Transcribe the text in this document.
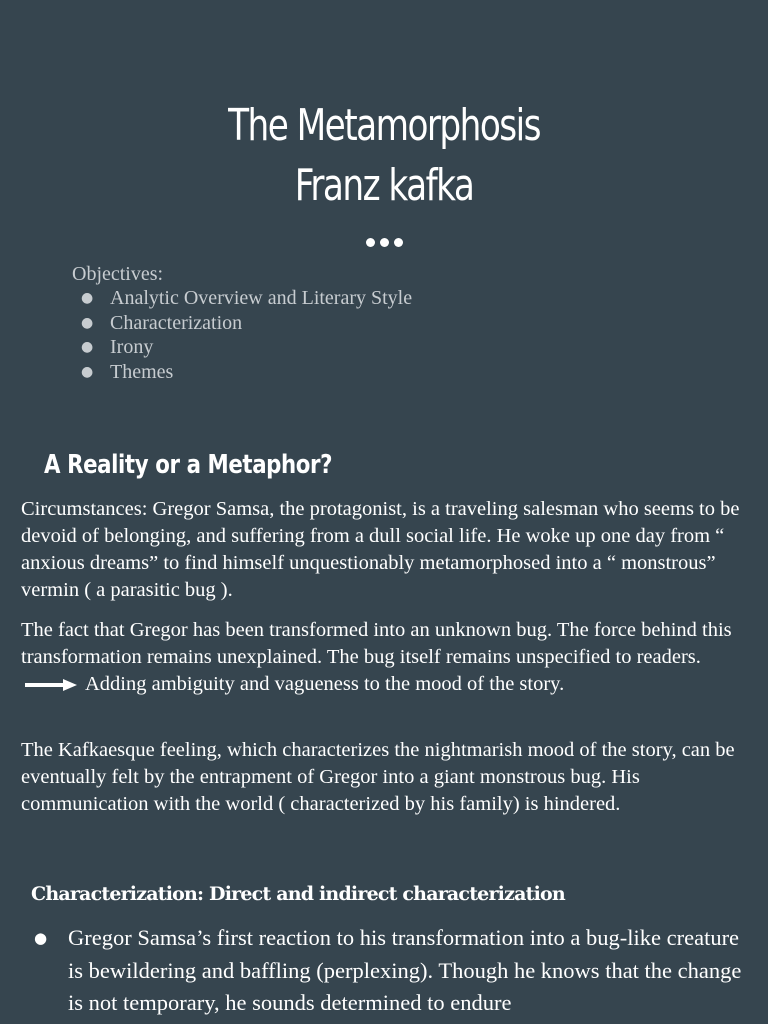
The Metamorphosis
Franz kafka
Objectives:
● Analytic Overview and Literary Style
● Characterization
● Irony
● Themes
A Reality or a Metaphor?

Circumstances: Gregor Samsa, the protagonist, is a traveling salesman who seems to be devoid of belonging, and suffering from a dull social life. He woke up one day from “ anxious dreams” to find himself unquestionably metamorphosed into a “ monstrous” vermin ( a parasitic bug ).

The fact that Gregor has been transformed into an unknown bug. The force behind this transformation remains unexplained. The bug itself remains unspecified to readers.Adding ambiguity and vagueness to the mood of the story.

The Kafkaesque feeling, which characterizes the nightmarish mood of the story, can be eventually felt by the entrapment of Gregor into a giant monstrous bug. His communication with the world ( characterized by his family) is hindered.

Characterization: Direct and indirect characterization
● Gregor Samsa’s first reaction to his transformation into a bug-like creature is bewildering and baffling (perplexing). Though he knows that the change is not temporary, he sounds determined to endure
